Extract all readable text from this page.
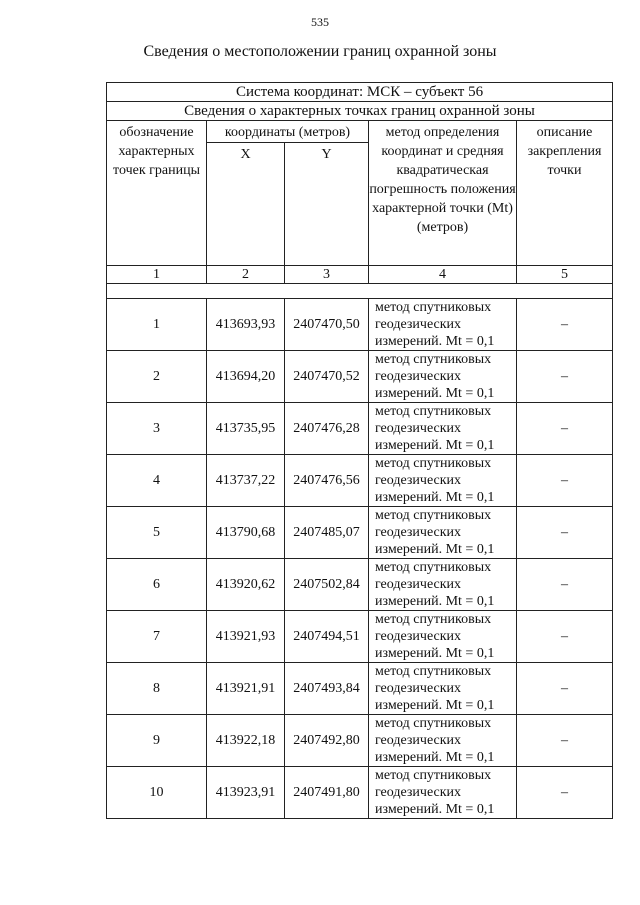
535
Сведения о местоположении границ охранной зоны
Система координат: МСК – субъект 56				
Сведения о характерных точках границ охранной зоны				
обозначение характерных точек границы	координаты (метров)		метод определения координат и средняя квадратическая погрешность положения характерной точки (Mt) (метров)	описание закрепления точки
	X	Y		
1	2	3	4	5

1	413693,93	2407470,50	метод спутниковых геодезических измерений. Mt = 0,1	–
2	413694,20	2407470,52	метод спутниковых геодезических измерений. Mt = 0,1	–
3	413735,95	2407476,28	метод спутниковых геодезических измерений. Mt = 0,1	–
4	413737,22	2407476,56	метод спутниковых геодезических измерений. Mt = 0,1	–
5	413790,68	2407485,07	метод спутниковых геодезических измерений. Mt = 0,1	–
6	413920,62	2407502,84	метод спутниковых геодезических измерений. Mt = 0,1	–
7	413921,93	2407494,51	метод спутниковых геодезических измерений. Mt = 0,1	–
8	413921,91	2407493,84	метод спутниковых геодезических измерений. Mt = 0,1	–
9	413922,18	2407492,80	метод спутниковых геодезических измерений. Mt = 0,1	–
10	413923,91	2407491,80	метод спутниковых геодезических измерений. Mt = 0,1	–
